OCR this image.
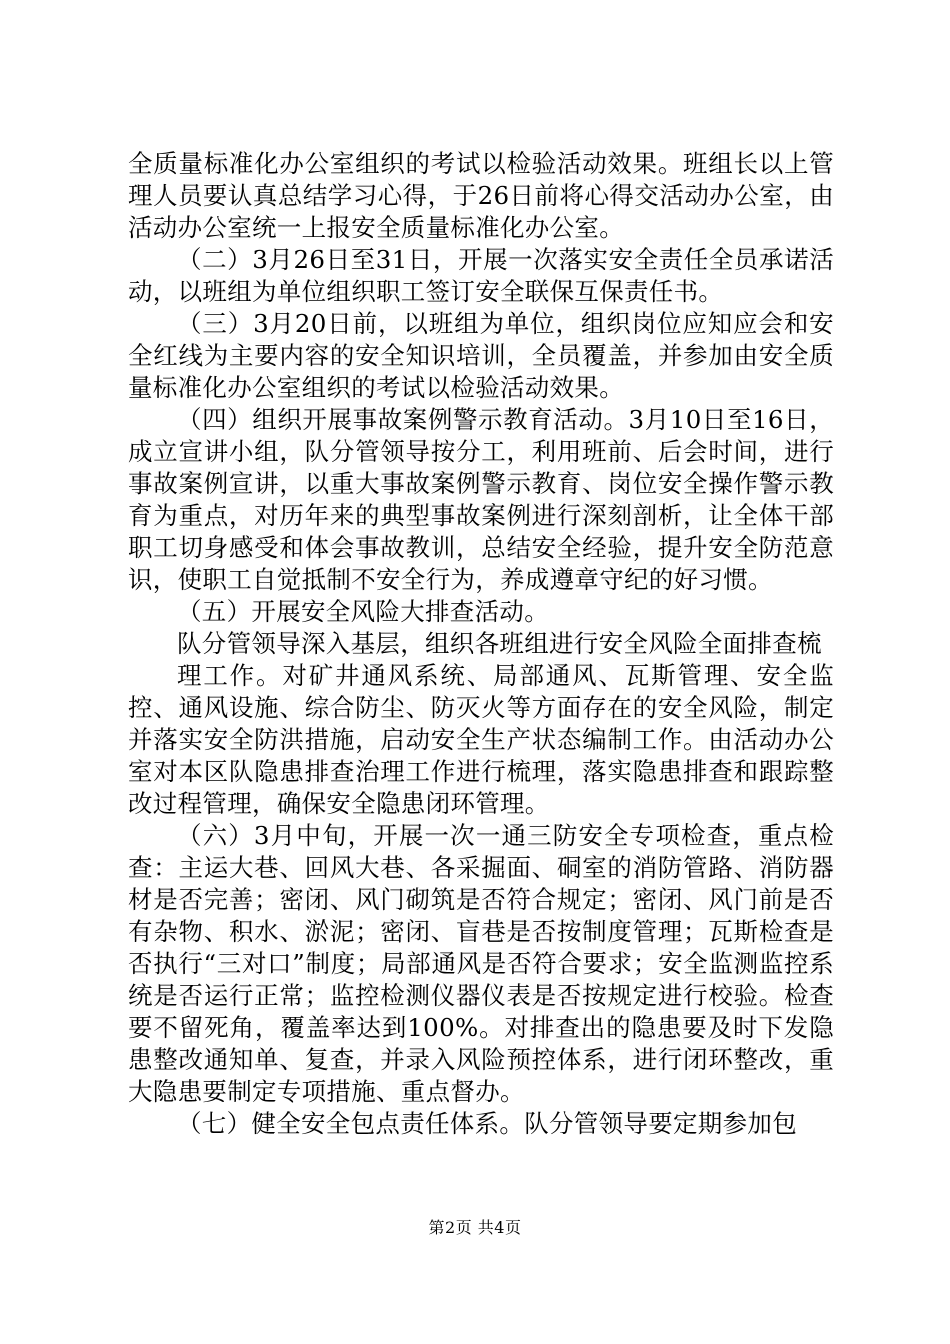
全质量标准化办公室组织的考试以检验活动效果。班组长以上管理人员要认真总结学习心得，于26日前将心得交活动办公室，由活动办公室统一上报安全质量标准化办公室。

（二）3月26日至31日，开展一次落实安全责任全员承诺活动，以班组为单位组织职工签订安全联保互保责任书。

（三）3月20日前，以班组为单位，组织岗位应知应会和安全红线为主要内容的安全知识培训，全员覆盖，并参加由安全质量标准化办公室组织的考试以检验活动效果。

（四）组织开展事故案例警示教育活动。3月10日至16日，成立宣讲小组，队分管领导按分工，利用班前、后会时间，进行事故案例宣讲，以重大事故案例警示教育、岗位安全操作警示教育为重点，对历年来的典型事故案例进行深刻剖析，让全体干部职工切身感受和体会事故教训，总结安全经验，提升安全防范意识，使职工自觉抵制不安全行为，养成遵章守纪的好习惯。

（五）开展安全风险大排查活动。

队分管领导深入基层，组织各班组进行安全风险全面排查梳

理工作。对矿井通风系统、局部通风、瓦斯管理、安全监控、通风设施、综合防尘、防灭火等方面存在的安全风险，制定并落实安全防洪措施，启动安全生产状态编制工作。由活动办公室对本区队隐患排查治理工作进行梳理，落实隐患排查和跟踪整改过程管理，确保安全隐患闭环管理。

（六）3月中旬，开展一次一通三防安全专项检查，重点检查：主运大巷、回风大巷、各采掘面、硐室的消防管路、消防器材是否完善；密闭、风门砌筑是否符合规定；密闭、风门前是否有杂物、积水、淤泥；密闭、盲巷是否按制度管理；瓦斯检查是否执行“三对口”制度；局部通风是否符合要求；安全监测监控系统是否运行正常；监控检测仪器仪表是否按规定进行校验。检查要不留死角，覆盖率达到100%。对排查出的隐患要及时下发隐患整改通知单、复查，并录入风险预控体系，进行闭环整改，重大隐患要制定专项措施、重点督办。

（七）健全安全包点责任体系。队分管领导要定期参加包

第2页 共4页
